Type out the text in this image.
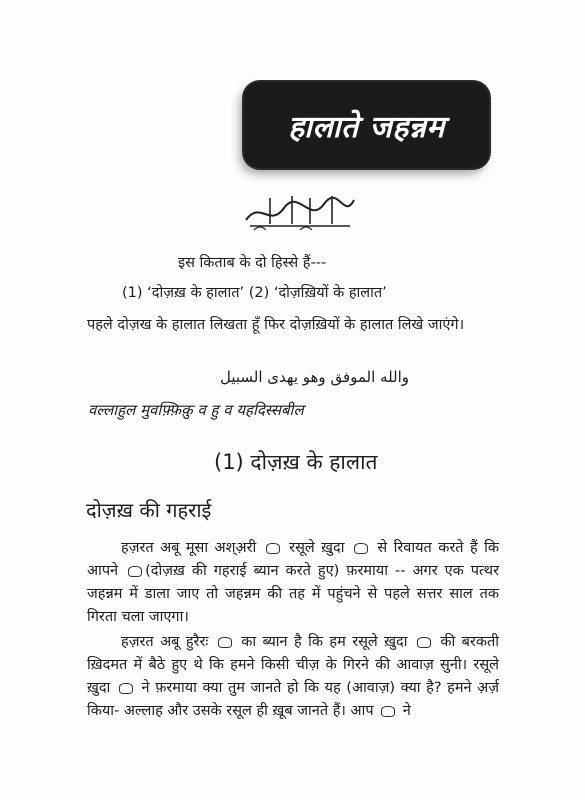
हालाते जहन्नम
इस किताब के दो हिस्से हैं---
(1) ‘दोज़ख़ के हालात’ (2) ‘दोज़ख़ियों के हालात’
पहले दोज़ख के हालात लिखता हूँ फिर दोज़ख़ियों के हालात लिखे जाएंगे।
والله الموفق وهو يهدى السبيل
वल्लाहुल मुवफ़्फ़िक़ु व हु व यहदिस्सबील
(1) दोज़ख़ के हालात
दोज़ख़ की गहराई
हज़रत अबू मूसा अश्अ़री रसूले ख़ुदा से रिवायत करते हैं कि आपने (दोज़ख़ की गहराई ब्यान करते हुए) फ़रमाया -- अगर एक पत्थर जहन्नम में डाला जाए तो जहन्नम की तह में पहुंचने से पहले सत्तर साल तक गिरता चला जाएगा।
हज़रत अबू हुरैरः का ब्यान है कि हम रसूले ख़ुदा की बरकती ख़िदमत में बैठे हुए थे कि हमने किसी चीज़ के गिरने की आवाज़ सुनी। रसूले ख़ुदा ने फ़रमाया क्या तुम जानते हो कि यह (आवाज़) क्या है? हमने अ़र्ज़ किया- अल्लाह और उसके रसूल ही ख़ूब जानते हैं। आप ने
